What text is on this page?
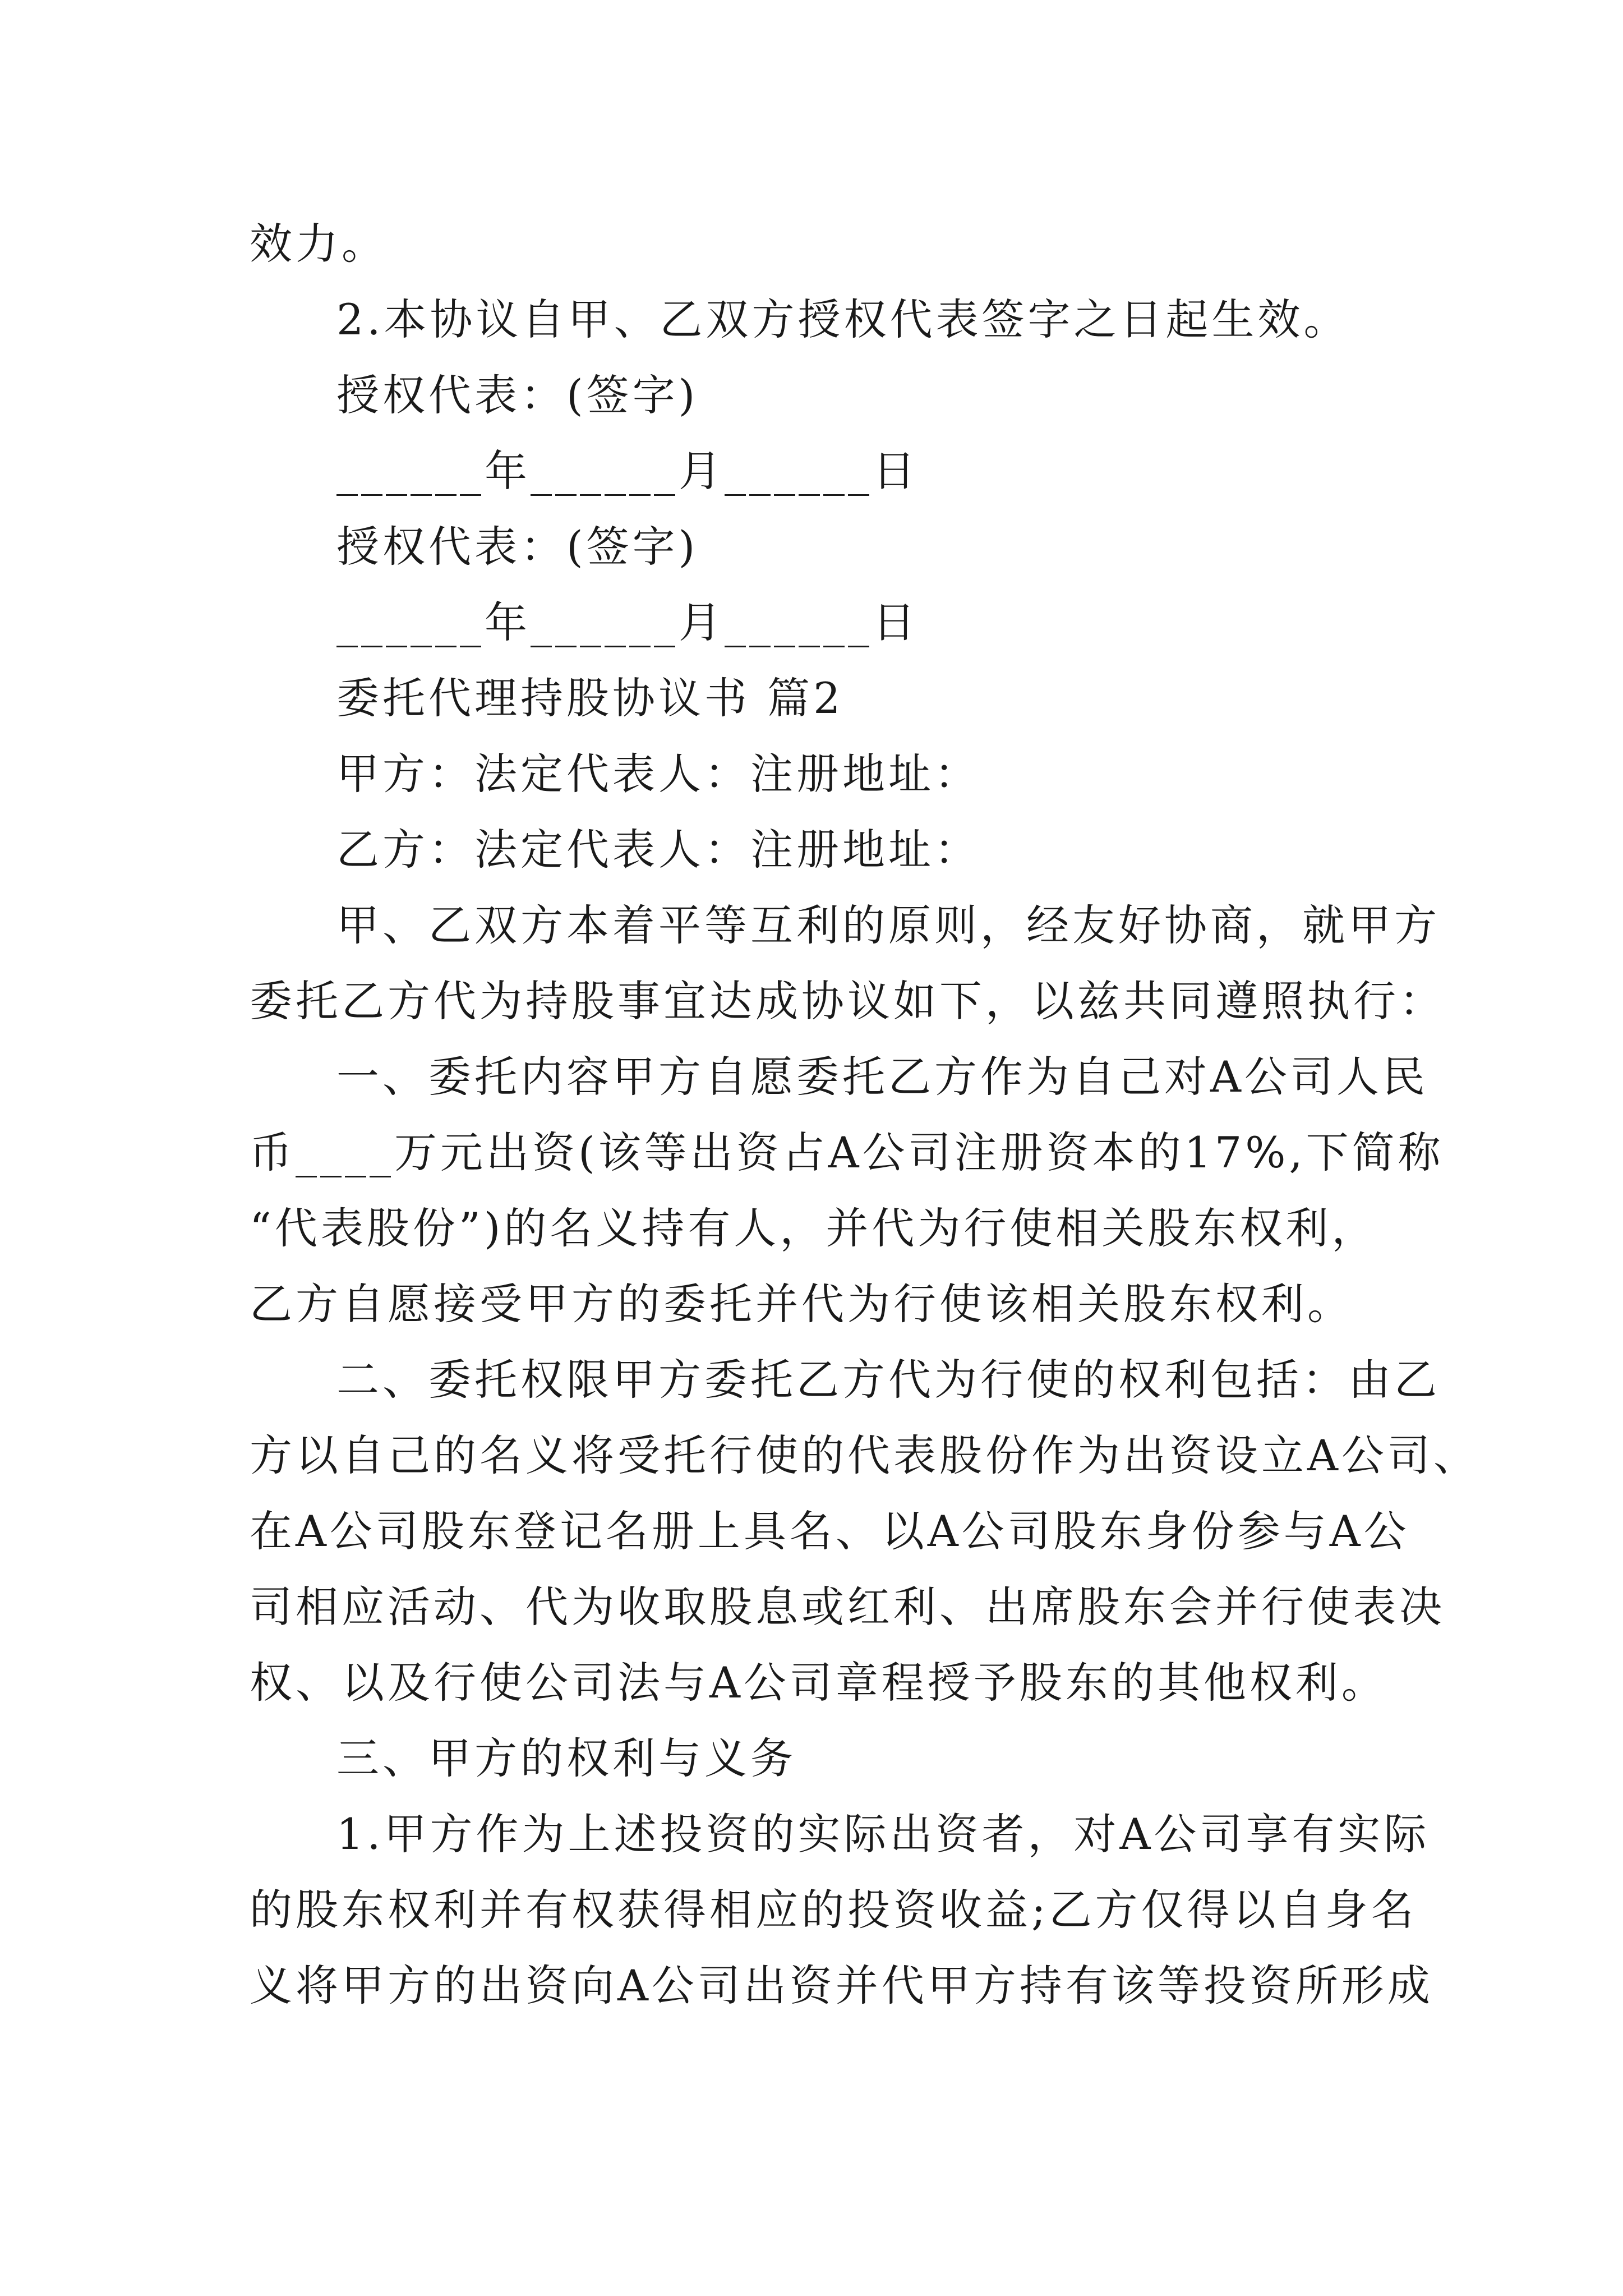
效力。
2.本协议自甲、乙双方授权代表签字之日起生效。
授权代表：(签字)
______年______月______日
授权代表：(签字)
______年______月______日
委托代理持股协议书 篇2
甲方：法定代表人：注册地址：
乙方：法定代表人：注册地址：
甲、乙双方本着平等互利的原则，经友好协商，就甲方
委托乙方代为持股事宜达成协议如下，以兹共同遵照执行：
一、委托内容甲方自愿委托乙方作为自己对A公司人民
币____万元出资(该等出资占A公司注册资本的17%,下简称
“代表股份”)的名义持有人，并代为行使相关股东权利，
乙方自愿接受甲方的委托并代为行使该相关股东权利。
二、委托权限甲方委托乙方代为行使的权利包括：由乙
方以自己的名义将受托行使的代表股份作为出资设立A公司、
在A公司股东登记名册上具名、以A公司股东身份参与A公
司相应活动、代为收取股息或红利、出席股东会并行使表决
权、以及行使公司法与A公司章程授予股东的其他权利。
三、甲方的权利与义务
1.甲方作为上述投资的实际出资者，对A公司享有实际
的股东权利并有权获得相应的投资收益;乙方仅得以自身名
义将甲方的出资向A公司出资并代甲方持有该等投资所形成
